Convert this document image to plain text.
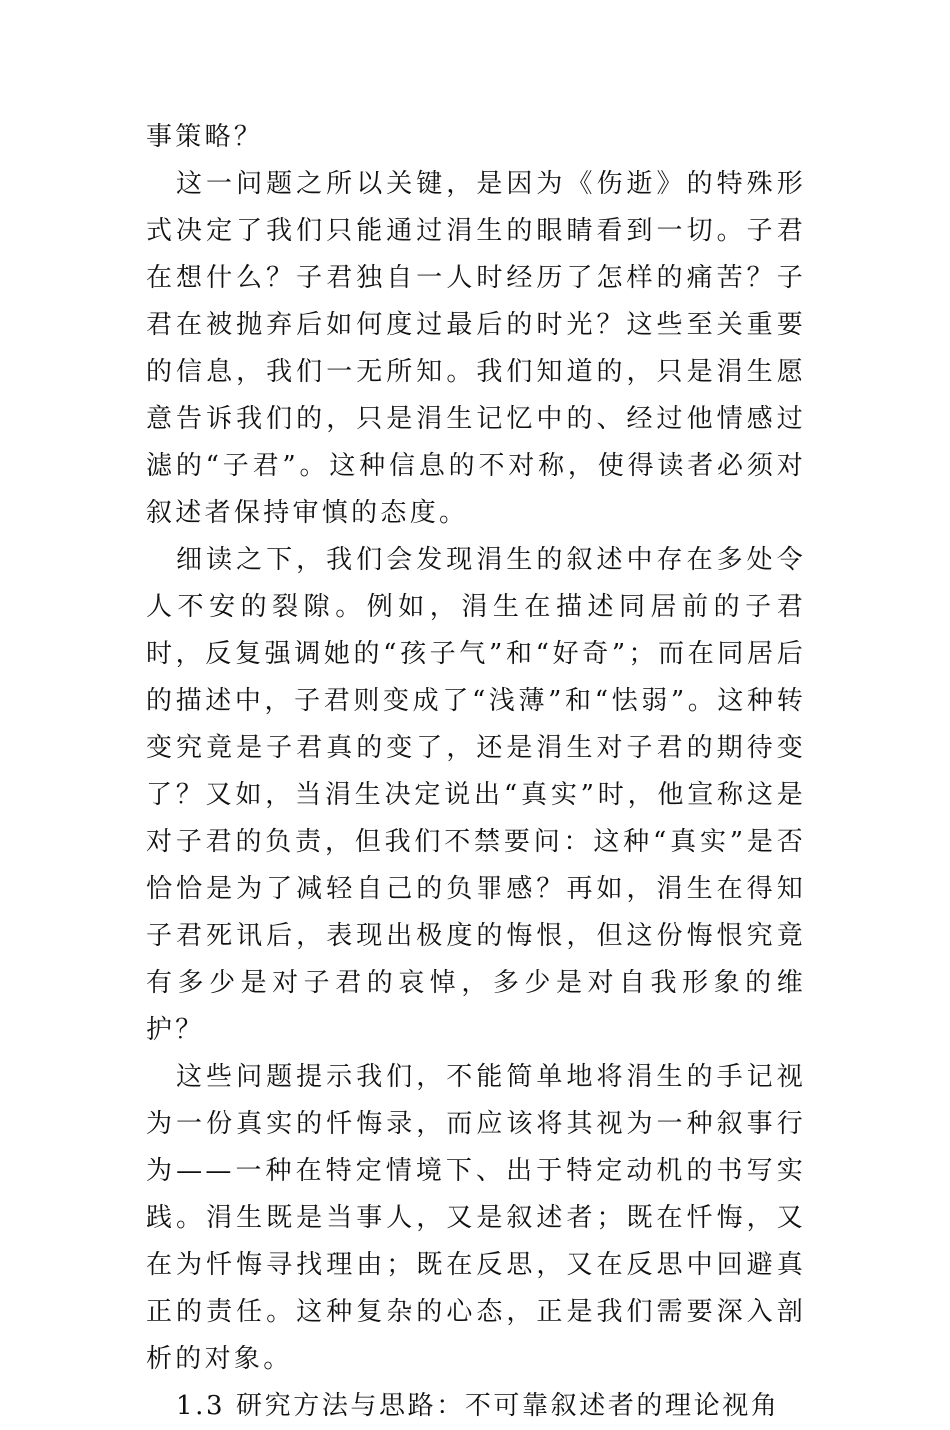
事策略？

这一问题之所以关键，是因为《伤逝》的特殊形式决定了我们只能通过涓生的眼睛看到一切。子君在想什么？子君独自一人时经历了怎样的痛苦？子君在被抛弃后如何度过最后的时光？这些至关重要的信息，我们一无所知。我们知道的，只是涓生愿意告诉我们的，只是涓生记忆中的、经过他情感过滤的“子君”。这种信息的不对称，使得读者必须对叙述者保持审慎的态度。

细读之下，我们会发现涓生的叙述中存在多处令人不安的裂隙。例如，涓生在描述同居前的子君时，反复强调她的“孩子气”和“好奇”；而在同居后的描述中，子君则变成了“浅薄”和“怯弱”。这种转变究竟是子君真的变了，还是涓生对子君的期待变了？又如，当涓生决定说出“真实”时，他宣称这是对子君的负责，但我们不禁要问：这种“真实”是否恰恰是为了减轻自己的负罪感？再如，涓生在得知子君死讯后，表现出极度的悔恨，但这份悔恨究竟有多少是对子君的哀悼，多少是对自我形象的维护？

这些问题提示我们，不能简单地将涓生的手记视为一份真实的忏悔录，而应该将其视为一种叙事行为——一种在特定情境下、出于特定动机的书写实践。涓生既是当事人，又是叙述者；既在忏悔，又在为忏悔寻找理由；既在反思，又在反思中回避真正的责任。这种复杂的心态，正是我们需要深入剖析的对象。

1.3 研究方法与思路：不可靠叙述者的理论视角
